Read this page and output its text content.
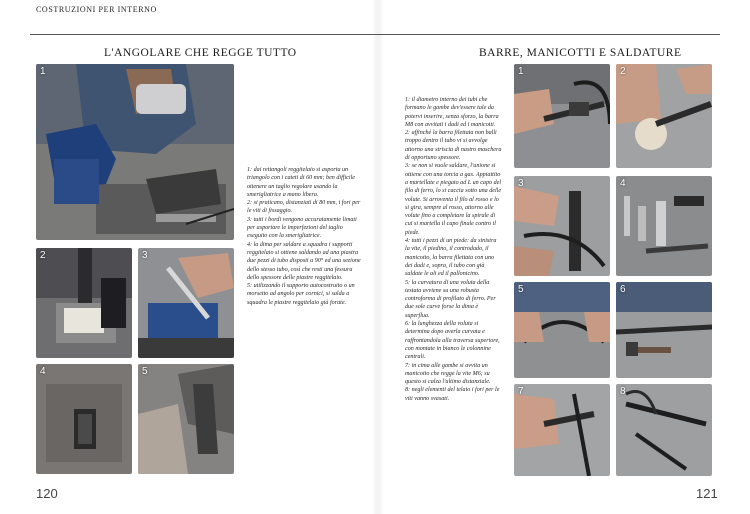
COSTRUZIONI PER INTERNO
L'ANGOLARE CHE REGGE TUTTO	BARRE, MANICOTTI E SALDATURE
1
2	3
4	5

1: dai rettangoli reggitelaio si asporta un triangolo con i cateti di 60 mm; ben difficile ottenere un taglio regolare usando la smerigliatrice a mano libera.

2: si praticano, distanziati di 80 mm, i fori per le viti di fissaggio.

3: tutti i bordi vengono accuratamente limati per asportare le imperfezioni del taglio eseguito con la smerigliatrice.

4: la dima per saldare a squadra i supporti reggitelaio si ottiene saldando ad una piastra due pezzi di tubo disposti a 90° ed una sezione dello stesso tubo, così che resti una fessura dello spessore delle piastre reggitelaio.

5: utilizzando il supporto autocostruito o un morsetto ad angolo per cornici, si salda a squadra le piastre reggitelaio già forate.

1: il diametro interno dei tubi che formano le gambe dev'essere tale da potervi inserire, senza sforzo, la barra M8 con avvitati i dadi ed i manicotti.

2: affinché la barra filettata non balli troppo dentro il tubo vi si avvolge attorno una striscia di nastro maschera di opportuno spessore.

3: se non si vuole saldare, l'unione si ottiene con una torcia a gas. Appiattito a martellate e piegato ad L un capo del filo di ferro, lo si caccia sotto una delle volute. Si arroventa il filo al rosso e lo si gira, sempre al rosso, attorno alle volute fino a completare la spirale di cui si martella il capo finale contro il piede.

4: tutti i pezzi di un piede: da sinistra la vite, il piedino, il controdado, il manicotto, la barra filettata con uno dei dadi e, sopra, il tubo con già saldate le ali ed il pallonicino.

5: la curvatura di una voluta della testata avviene su una robusta controforma di profilato di ferro. Per due sole curve forse la dima è superflua.

6: la lunghezza della voluta si determina dopo averla curvata e raffrontandola alla traversa superiore, con montate in bianco le colonnine centrali.

7: in cima alle gambe si avvita un manicotto che regge la vite M6; su questo si calza l'ultimo distanziale.

8: negli elementi del telaio i fori per le viti vanno svasati.

1	2
3	4
5	6
7	8
120	121
